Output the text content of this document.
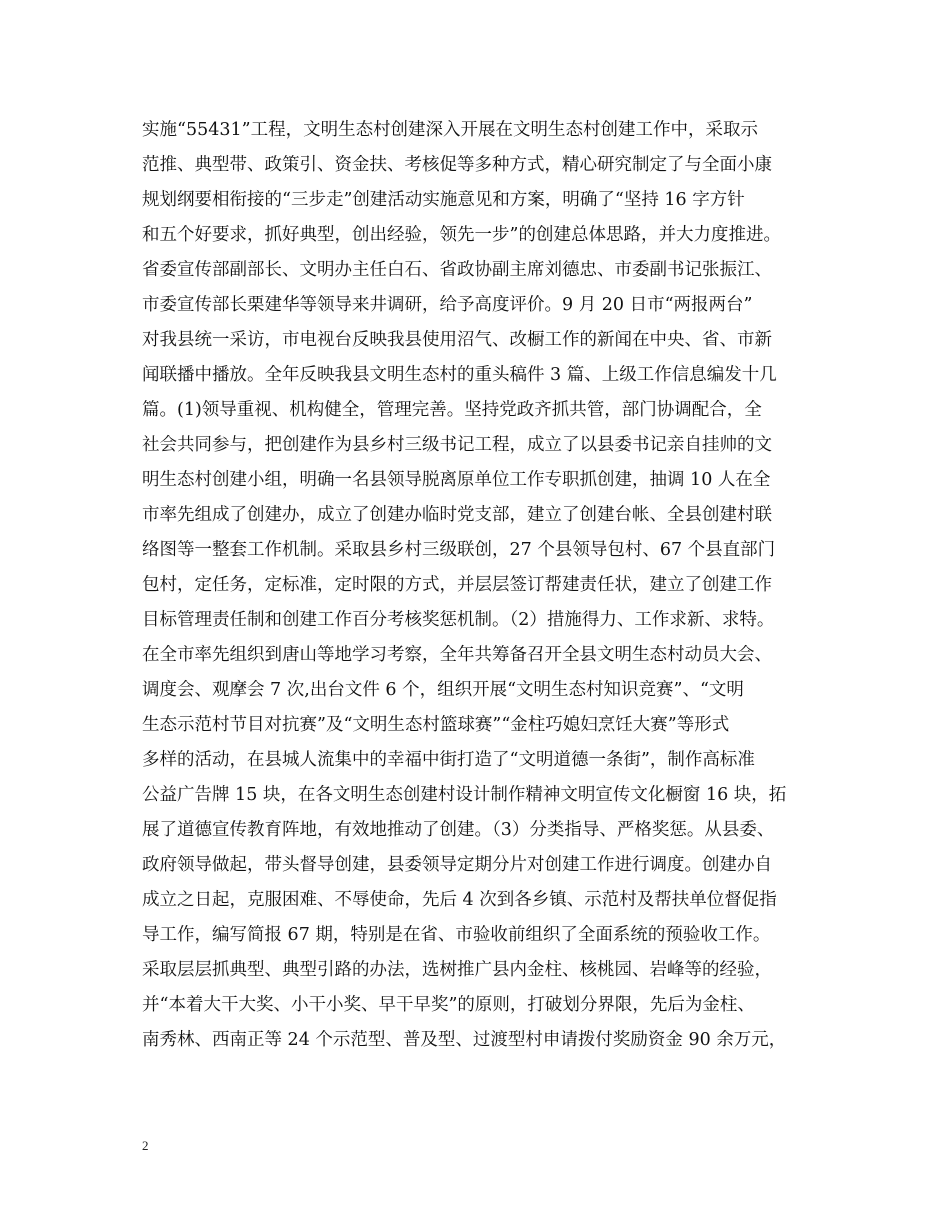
实施“55431”工程，文明生态村创建深入开展在文明生态村创建工作中，采取示
范推、典型带、政策引、资金扶、考核促等多种方式，精心研究制定了与全面小康
规划纲要相衔接的“三步走”创建活动实施意见和方案，明确了“坚持 16 字方针
和五个好要求，抓好典型，创出经验，领先一步”的创建总体思路，并大力度推进。
省委宣传部副部长、文明办主任白石、省政协副主席刘德忠、市委副书记张振江、
市委宣传部长栗建华等领导来井调研，给予高度评价。9 月 20 日市“两报两台”
对我县统一采访，市电视台反映我县使用沼气、改橱工作的新闻在中央、省、市新
闻联播中播放。全年反映我县文明生态村的重头稿件 3 篇、上级工作信息编发十几
篇。(1)领导重视、机构健全，管理完善。坚持党政齐抓共管，部门协调配合，全
社会共同参与，把创建作为县乡村三级书记工程，成立了以县委书记亲自挂帅的文
明生态村创建小组，明确一名县领导脱离原单位工作专职抓创建，抽调 10 人在全
市率先组成了创建办，成立了创建办临时党支部，建立了创建台帐、全县创建村联
络图等一整套工作机制。采取县乡村三级联创，27 个县领导包村、67 个县直部门
包村，定任务，定标准，定时限的方式，并层层签订帮建责任状，建立了创建工作
目标管理责任制和创建工作百分考核奖惩机制。（2）措施得力、工作求新、求特。
在全市率先组织到唐山等地学习考察，全年共筹备召开全县文明生态村动员大会、
调度会、观摩会 7 次,出台文件 6 个，组织开展“文明生态村知识竞赛”、“文明
生态示范村节目对抗赛”及“文明生态村篮球赛”“金柱巧媳妇烹饪大赛”等形式
多样的活动，在县城人流集中的幸福中街打造了“文明道德一条街”，制作高标准
公益广告牌 15 块，在各文明生态创建村设计制作精神文明宣传文化橱窗 16 块，拓
展了道德宣传教育阵地，有效地推动了创建。（3）分类指导、严格奖惩。从县委、
政府领导做起，带头督导创建，县委领导定期分片对创建工作进行调度。创建办自
成立之日起，克服困难、不辱使命，先后 4 次到各乡镇、示范村及帮扶单位督促指
导工作，编写简报 67 期，特别是在省、市验收前组织了全面系统的预验收工作。
采取层层抓典型、典型引路的办法，选树推广县内金柱、核桃园、岩峰等的经验，
并“本着大干大奖、小干小奖、早干早奖”的原则，打破划分界限，先后为金柱、
南秀林、西南正等 24 个示范型、普及型、过渡型村申请拨付奖励资金 90 余万元，
2
